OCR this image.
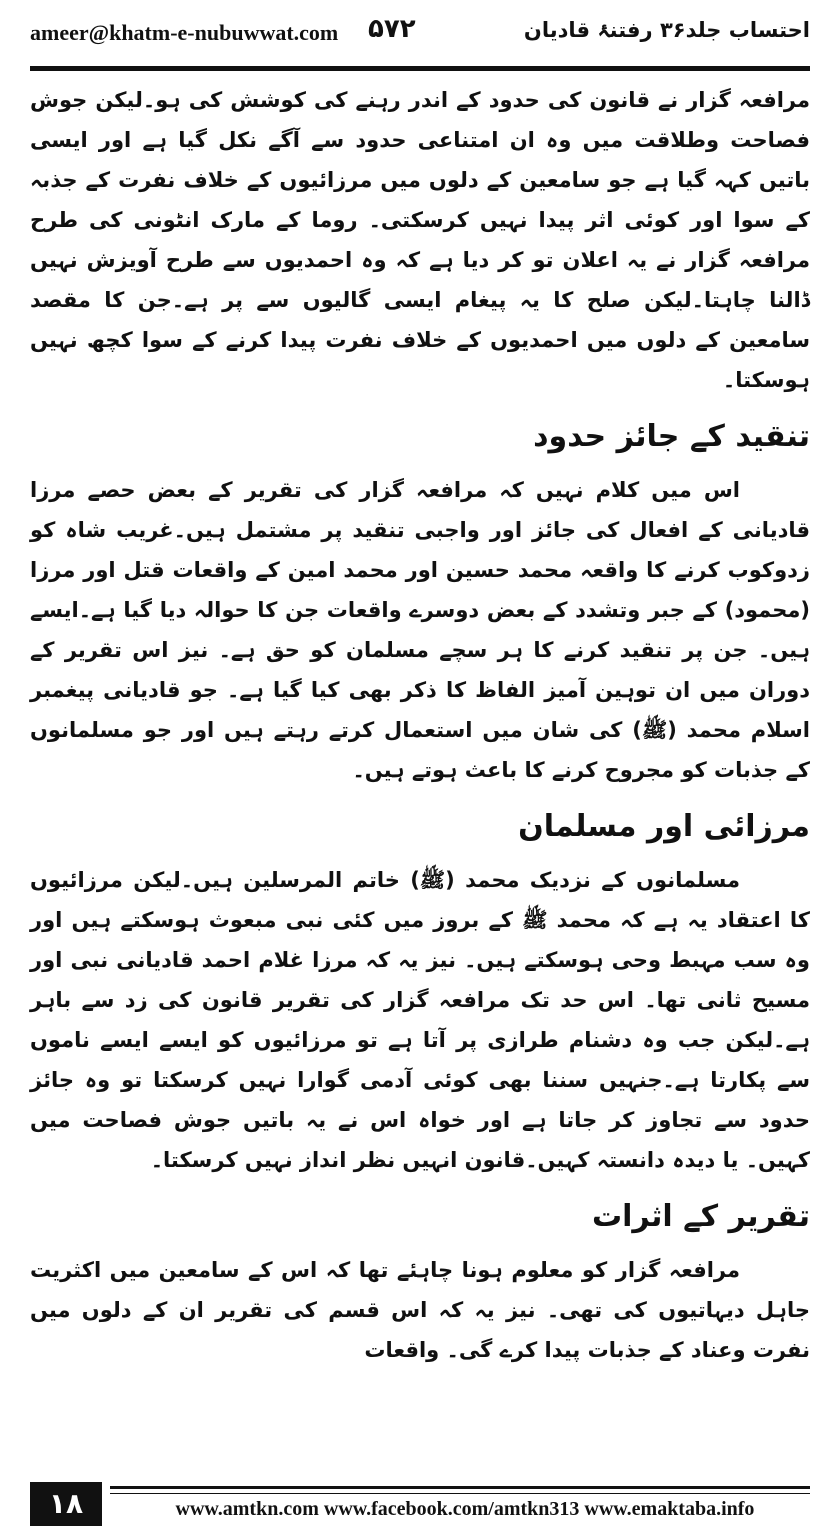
ameer@khatm-e-nubuwwat.com ۵۷۲	احتساب جلد۳۶ رفتنۂ قادیان

مرافعہ گزار نے قانون کی حدود کے اندر رہنے کی کوشش کی ہو۔لیکن جوش فصاحت وطلاقت میں وہ ان امتناعی حدود سے آگے نکل گیا ہے اور ایسی باتیں کہہ گیا ہے جو سامعین کے دلوں میں مرزائیوں کے خلاف نفرت کے جذبہ کے سوا اور کوئی اثر پیدا نہیں کرسکتی۔ روما کے مارک انٹونی کی طرح مرافعہ گزار نے یہ اعلان تو کر دیا ہے کہ وہ احمدیوں سے طرح آویزش نہیں ڈالنا چاہتا۔لیکن صلح کا یہ پیغام ایسی گالیوں سے پر ہے۔جن کا مقصد سامعین کے دلوں میں احمدیوں کے خلاف نفرت پیدا کرنے کے سوا کچھ نہیں ہوسکتا۔

تنقید کے جائز حدود

اس میں کلام نہیں کہ مرافعہ گزار کی تقریر کے بعض حصے مرزا قادیانی کے افعال کی جائز اور واجبی تنقید پر مشتمل ہیں۔غریب شاہ کو زدوکوب کرنے کا واقعہ محمد حسین اور محمد امین کے واقعات قتل اور مرزا (محمود) کے جبر وتشدد کے بعض دوسرے واقعات جن کا حوالہ دیا گیا ہے۔ایسے ہیں۔ جن پر تنقید کرنے کا ہر سچے مسلمان کو حق ہے۔ نیز اس تقریر کے دوران میں ان توہین آمیز الفاظ کا ذکر بھی کیا گیا ہے۔ جو قادیانی پیغمبر اسلام محمد (ﷺ) کی شان میں استعمال کرتے رہتے ہیں اور جو مسلمانوں کے جذبات کو مجروح کرنے کا باعث ہوتے ہیں۔

مرزائی اور مسلمان

مسلمانوں کے نزدیک محمد (ﷺ) خاتم المرسلین ہیں۔لیکن مرزائیوں کا اعتقاد یہ ہے کہ محمد ﷺ کے بروز میں کئی نبی مبعوث ہوسکتے ہیں اور وہ سب مہبط وحی ہوسکتے ہیں۔ نیز یہ کہ مرزا غلام احمد قادیانی نبی اور مسیح ثانی تھا۔ اس حد تک مرافعہ گزار کی تقریر قانون کی زد سے باہر ہے۔لیکن جب وہ دشنام طرازی پر آتا ہے تو مرزائیوں کو ایسے ایسے ناموں سے پکارتا ہے۔جنہیں سننا بھی کوئی آدمی گوارا نہیں کرسکتا تو وہ جائز حدود سے تجاوز کر جاتا ہے اور خواہ اس نے یہ باتیں جوش فصاحت میں کہیں۔ یا دیدہ دانستہ کہیں۔قانون انہیں نظر انداز نہیں کرسکتا۔

تقریر کے اثرات

مرافعہ گزار کو معلوم ہونا چاہئے تھا کہ اس کے سامعین میں اکثریت جاہل دیہاتیوں کی تھی۔ نیز یہ کہ اس قسم کی تقریر ان کے دلوں میں نفرت وعناد کے جذبات پیدا کرے گی۔ واقعات

۱۸	www.amtkn.com www.facebook.com/amtkn313 www.emaktaba.info
